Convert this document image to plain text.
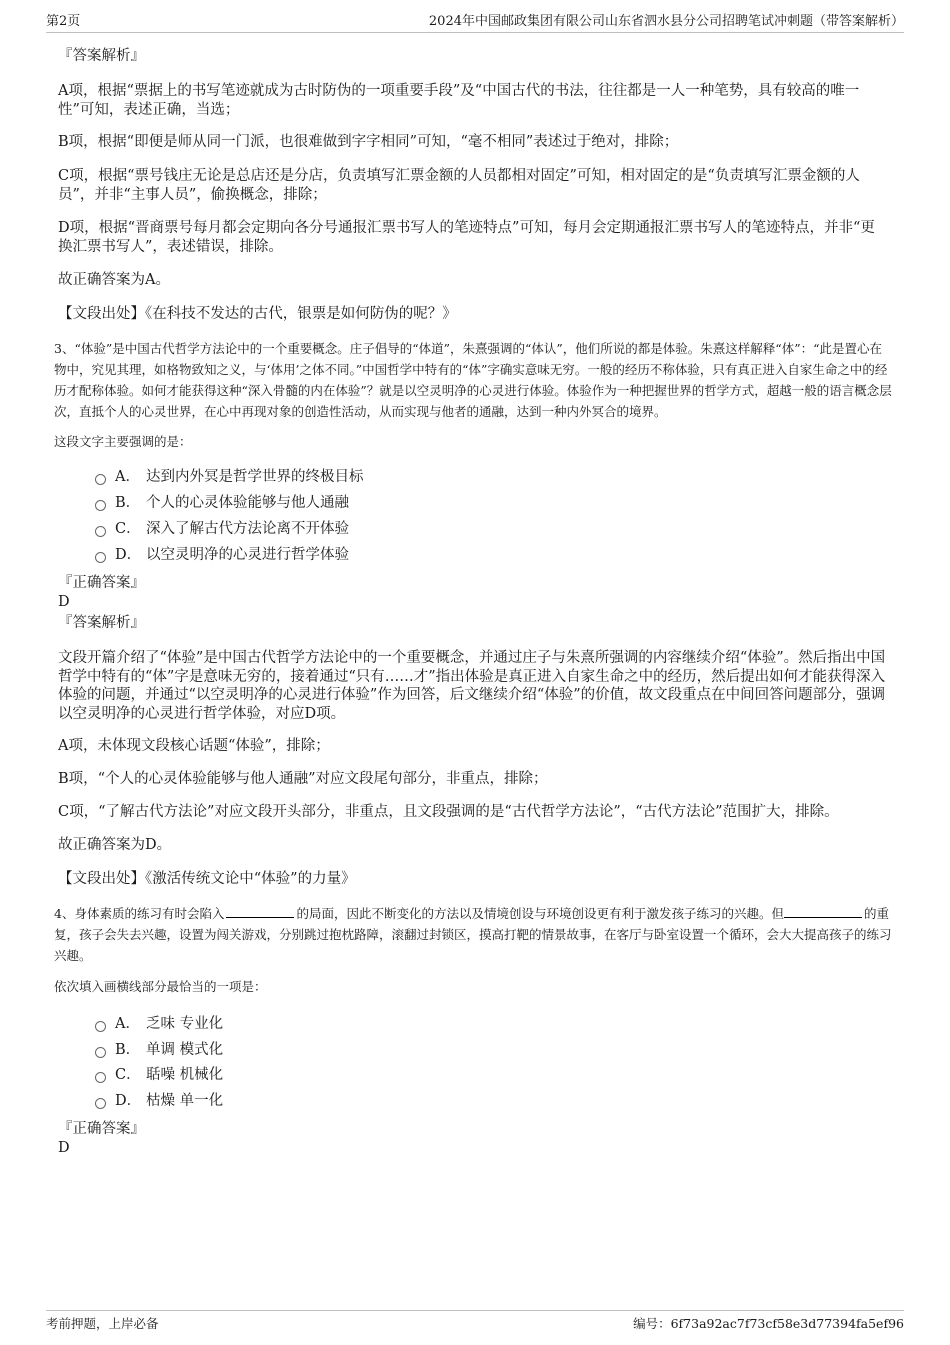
第2页	2024年中国邮政集团有限公司山东省泗水县分公司招聘笔试冲刺题（带答案解析）
『答案解析』
A项，根据“票据上的书写笔迹就成为古时防伪的一项重要手段”及“中国古代的书法，往往都是一人一种笔势，具有较高的唯一性”可知，表述正确，当选；
B项，根据“即便是师从同一门派，也很难做到字字相同”可知，“毫不相同”表述过于绝对，排除；
C项，根据“票号钱庄无论是总店还是分店，负责填写汇票金额的人员都相对固定”可知，相对固定的是“负责填写汇票金额的人员”，并非“主事人员”，偷换概念，排除；
D项，根据“晋商票号每月都会定期向各分号通报汇票书写人的笔迹特点”可知，每月会定期通报汇票书写人的笔迹特点，并非“更换汇票书写人”，表述错误，排除。
故正确答案为A。
【文段出处】《在科技不发达的古代，银票是如何防伪的呢？》
3、“体验”是中国古代哲学方法论中的一个重要概念。庄子倡导的“体道”，朱熹强调的“体认”，他们所说的都是体验。朱熹这样解释“体”：“此是置心在物中，究见其理，如格物致知之义，与‘体用’之体不同。”中国哲学中特有的“体”字确实意味无穷。一般的经历不称体验，只有真正进入自家生命之中的经历才配称体验。如何才能获得这种“深入骨髓的内在体验”？就是以空灵明净的心灵进行体验。体验作为一种把握世界的哲学方式，超越一般的语言概念层次，直抵个人的心灵世界，在心中再现对象的创造性活动，从而实现与他者的通融，达到一种内外冥合的境界。
这段文字主要强调的是：
A． 达到内外冥是哲学世界的终极目标
B． 个人的心灵体验能够与他人通融
C． 深入了解古代方法论离不开体验
D． 以空灵明净的心灵进行哲学体验
『正确答案』
D
『答案解析』
文段开篇介绍了“体验”是中国古代哲学方法论中的一个重要概念，并通过庄子与朱熹所强调的内容继续介绍“体验”。然后指出中国哲学中特有的“体”字是意味无穷的，接着通过“只有……才”指出体验是真正进入自家生命之中的经历，然后提出如何才能获得深入体验的问题，并通过“以空灵明净的心灵进行体验”作为回答，后文继续介绍“体验”的价值，故文段重点在中间回答问题部分，强调以空灵明净的心灵进行哲学体验，对应D项。
A项，未体现文段核心话题“体验”，排除；
B项，“个人的心灵体验能够与他人通融”对应文段尾句部分，非重点，排除；
C项，“了解古代方法论”对应文段开头部分，非重点，且文段强调的是“古代哲学方法论”，“古代方法论”范围扩大，排除。
故正确答案为D。
【文段出处】《激活传统文论中“体验”的力量》
4、身体素质的练习有时会陷入	的局面，因此不断变化的方法以及情境创设与环境创设更有利于激发孩子练习的兴趣。但	的重复，孩子会失去兴趣，设置为闯关游戏，分别跳过抱枕路障，滚翻过封锁区，摸高打靶的情景故事，在客厅与卧室设置一个循环，会大大提高孩子的练习兴趣。
依次填入画横线部分最恰当的一项是：
A． 乏味 专业化
B． 单调 模式化
C． 聒噪 机械化
D． 枯燥 单一化
『正确答案』
D
考前押题，上岸必备	编号：6f73a92ac7f73cf58e3d77394fa5ef96
